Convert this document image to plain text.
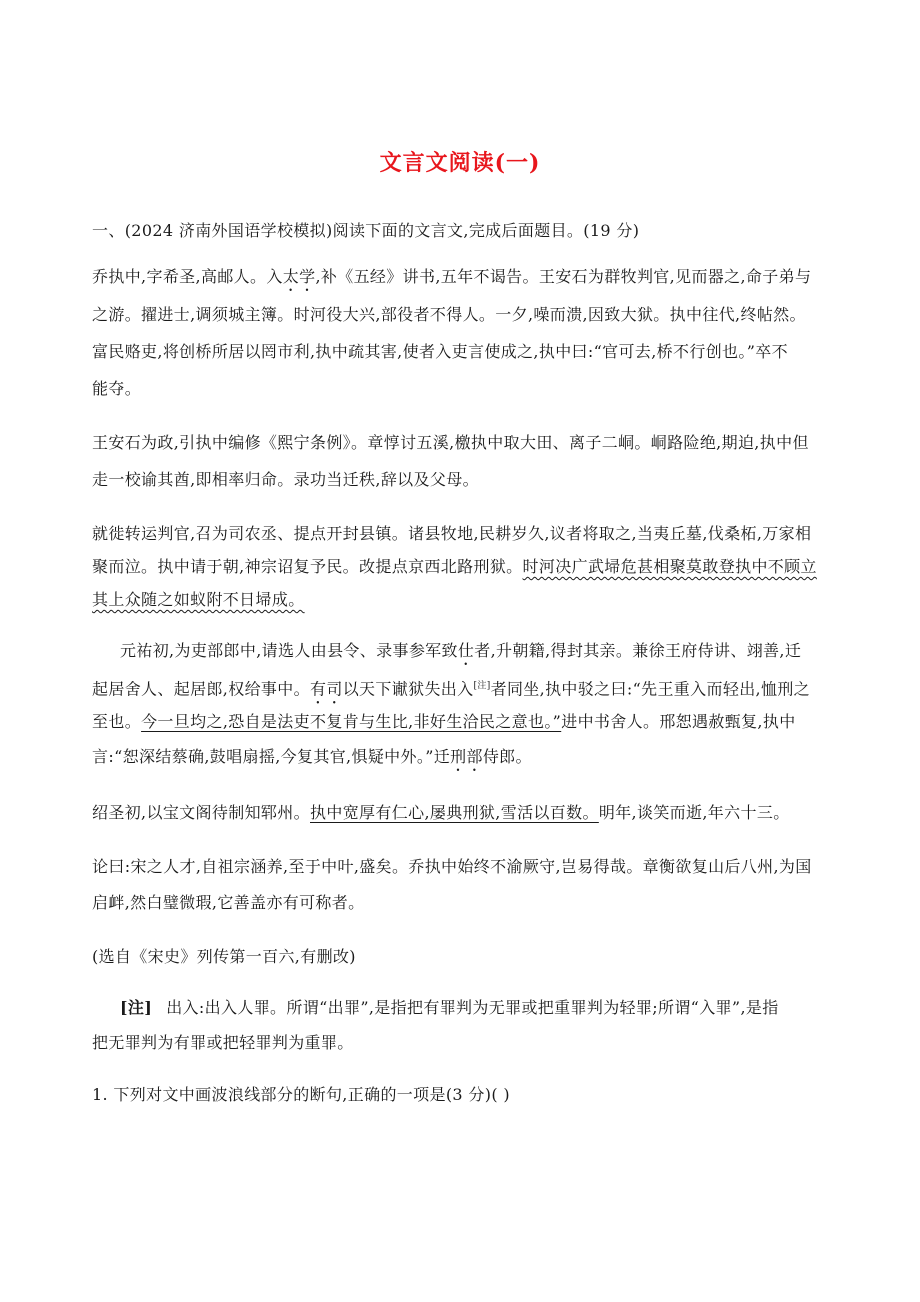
文言文阅读(一)
一、(2024 济南外国语学校模拟)阅读下面的文言文,完成后面题目。(19 分)
乔执中,字希圣,高邮人。入太学,补《五经》讲书,五年不谒告。王安石为群牧判官,见而器之,命子弟与
之游。擢进士,调须城主簿。时河役大兴,部役者不得人。一夕,噪而溃,因致大狱。执中往代,终帖然。
富民赂吏,将创桥所居以罔市利,执中疏其害,使者入吏言使成之,执中曰:“官可去,桥不行创也。”卒不
能夺。
王安石为政,引执中编修《熙宁条例》。章惇讨五溪,檄执中取大田、离子二峒。峒路险绝,期迫,执中但
走一校谕其酋,即相率归命。录功当迁秩,辞以及父母。
就徙转运判官,召为司农丞、提点开封县镇。诸县牧地,民耕岁久,议者将取之,当夷丘墓,伐桑柘,万家相
聚而泣。执中请于朝,神宗诏复予民。改提点京西北路刑狱。时河决广武埽危甚相聚莫敢登执中不顾立
其上众随之如蚁附不日埽成。
元祐初,为吏部郎中,请选人由县令、录事参军致仕者,升朝籍,得封其亲。兼徐王府侍讲、翊善,迁
起居舍人、起居郎,权给事中。有司以天下谳狱失出入[注]者同坐,执中驳之曰:“先王重入而轻出,恤刑之
至也。今一旦均之,恐自是法吏不复肯与生比,非好生洽民之意也。”进中书舍人。邢恕遇赦甄复,执中
言:“恕深结蔡确,鼓唱扇摇,今复其官,惧疑中外。”迁刑部侍郎。
绍圣初,以宝文阁待制知郓州。执中宽厚有仁心,屡典刑狱,雪活以百数。明年,谈笑而逝,年六十三。
论曰:宋之人才,自祖宗涵养,至于中叶,盛矣。乔执中始终不渝厥守,岂易得哉。章衡欲复山后八州,为国
启衅,然白璧微瑕,它善盖亦有可称者。
(选自《宋史》列传第一百六,有删改)
[注] 出入:出入人罪。所谓“出罪”,是指把有罪判为无罪或把重罪判为轻罪;所谓“入罪”,是指
把无罪判为有罪或把轻罪判为重罪。
1. 下列对文中画波浪线部分的断句,正确的一项是(3 分)( )
